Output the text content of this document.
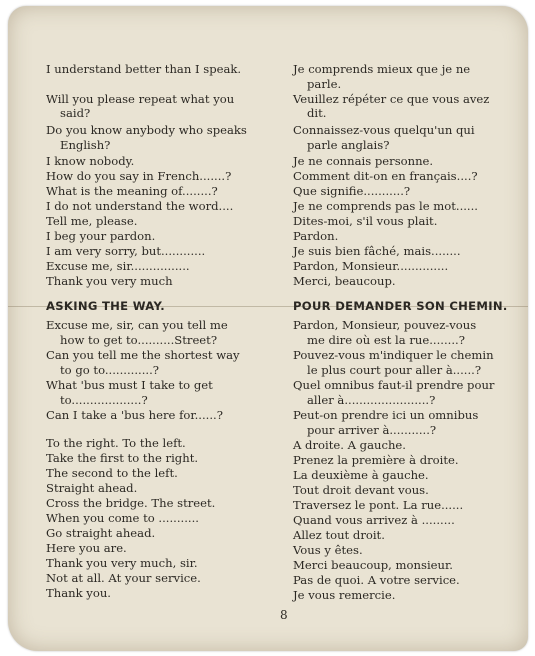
I understand better than I speak.
Will you please repeat what you
said?
Do you know anybody who speaks
English?
I know nobody.
How do you say in French.......?
What is the meaning of........?
I do not understand the word....
Tell me, please.
I beg your pardon.
I am very sorry, but............
Excuse me, sir................
Thank you very much
ASKING THE WAY.
Excuse me, sir, can you tell me
how to get to..........Street?
Can you tell me the shortest way
to go to.............?
What 'bus must I take to get
to...................?
Can I take a 'bus here for......?
To the right. To the left.
Take the first to the right.
The second to the left.
Straight ahead.
Cross the bridge. The street.
When you come to ...........
Go straight ahead.
Here you are.
Thank you very much, sir.
Not at all. At your service.
Thank you.
Je comprends mieux que je ne
parle.
Veuillez répéter ce que vous avez
dit.
Connaissez-vous quelqu'un qui
parle anglais?
Je ne connais personne.
Comment dit-on en français....?
Que signifie...........?
Je ne comprends pas le mot......
Dites-moi, s'il vous plait.
Pardon.
Je suis bien fâché, mais........
Pardon, Monsieur..............
Merci, beaucoup.
POUR DEMANDER SON CHEMIN.
Pardon, Monsieur, pouvez-vous
me dire où est la rue........?
Pouvez-vous m'indiquer le chemin
le plus court pour aller à......?
Quel omnibus faut-il prendre pour
aller à.......................?
Peut-on prendre ici un omnibus
pour arriver à...........?
A droite. A gauche.
Prenez la première à droite.
La deuxième à gauche.
Tout droit devant vous.
Traversez le pont. La rue......
Quand vous arrivez à .........
Allez tout droit.
Vous y êtes.
Merci beaucoup, monsieur.
Pas de quoi. A votre service.
Je vous remercie.
8
